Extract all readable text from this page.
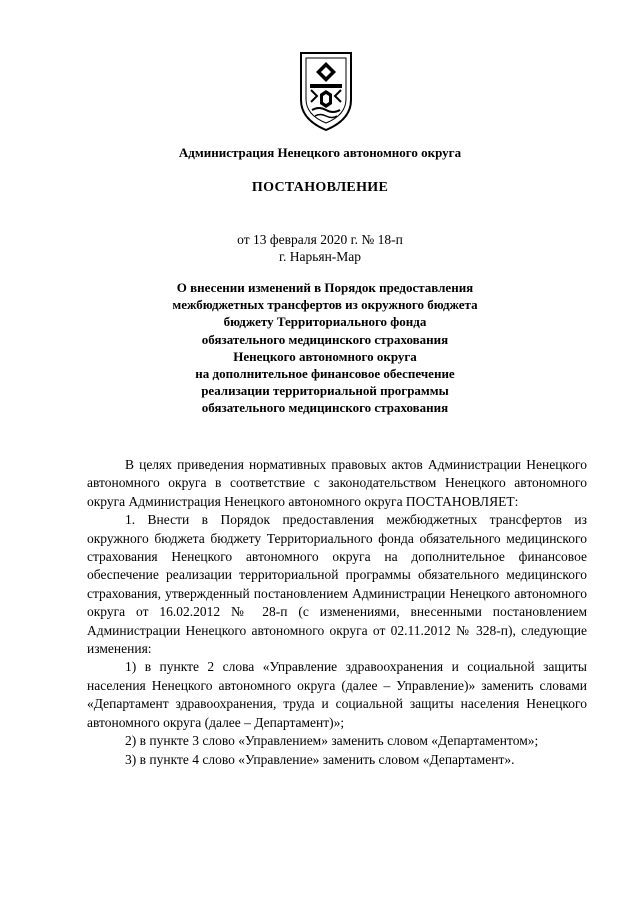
Администрация Ненецкого автономного округа
ПОСТАНОВЛЕНИЕ
от 13 февраля 2020 г. № 18-п
г. Нарьян-Мар
О внесении изменений в Порядок предоставления
межбюджетных трансфертов из окружного бюджета
бюджету Территориального фонда
обязательного медицинского страхования
Ненецкого автономного округа
на дополнительное финансовое обеспечение
реализации территориальной программы
обязательного медицинского страхования

В целях приведения нормативных правовых актов Администрации Ненецкого автономного округа в соответствие с законодательством Ненецкого автономного округа Администрация Ненецкого автономного округа ПОСТАНОВЛЯЕТ:

1. Внести в Порядок предоставления межбюджетных трансфертов из окружного бюджета бюджету Территориального фонда обязательного медицинского страхования Ненецкого автономного округа на дополнительное финансовое обеспечение реализации территориальной программы обязательного медицинского страхования, утвержденный постановлением Администрации Ненецкого автономного округа от 16.02.2012 № 28-п (с изменениями, внесенными постановлением Администрации Ненецкого автономного округа от 02.11.2012 № 328-п), следующие изменения:

1) в пункте 2 слова «Управление здравоохранения и социальной защиты населения Ненецкого автономного округа (далее – Управление)» заменить словами «Департамент здравоохранения, труда и социальной защиты населения Ненецкого автономного округа (далее – Департамент)»;

2) в пункте 3 слово «Управлением» заменить словом «Департаментом»;

3) в пункте 4 слово «Управление» заменить словом «Департамент».
